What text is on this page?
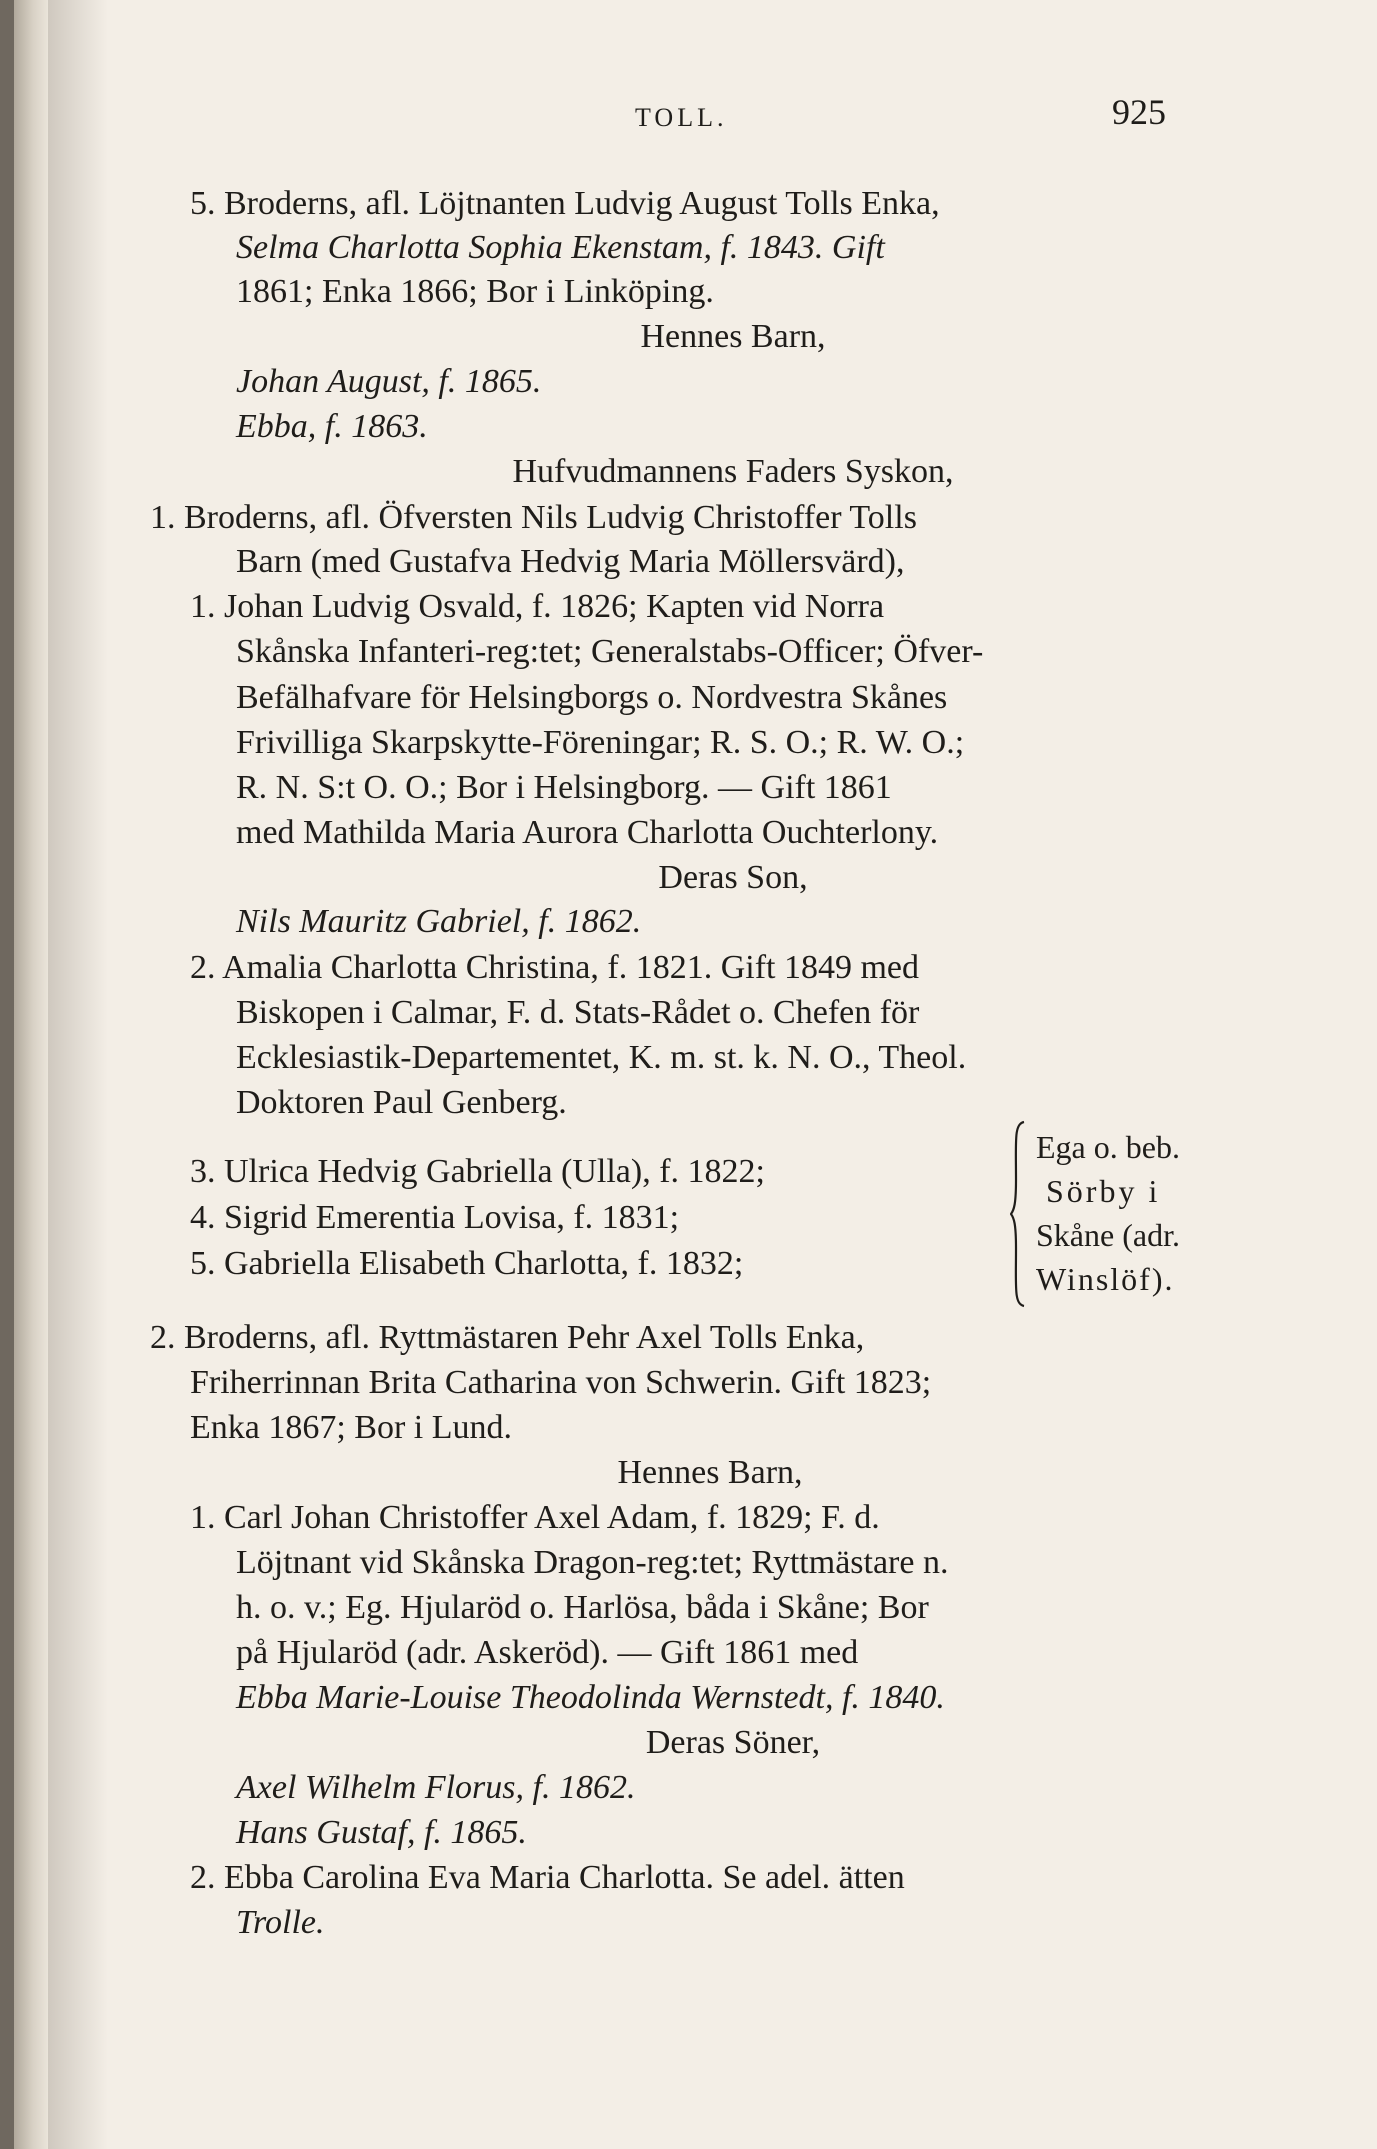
TOLL.	925
5. Broderns, afl. Löjtnanten Ludvig August Tolls Enka,
Selma Charlotta Sophia Ekenstam, f. 1843. Gift
1861; Enka 1866; Bor i Linköping.
Hennes Barn,
Johan August, f. 1865.
Ebba, f. 1863.
Hufvudmannens Faders Syskon,
1. Broderns, afl. Öfversten Nils Ludvig Christoffer Tolls
Barn (med Gustafva Hedvig Maria Möllersvärd),
1. Johan Ludvig Osvald, f. 1826; Kapten vid Norra
Skånska Infanteri-reg:tet; Generalstabs-Officer; Öfver-
Befälhafvare för Helsingborgs o. Nordvestra Skånes
Frivilliga Skarpskytte-Föreningar; R. S. O.; R. W. O.;
R. N. S:t O. O.; Bor i Helsingborg. — Gift 1861
med Mathilda Maria Aurora Charlotta Ouchterlony.
Deras Son,
Nils Mauritz Gabriel, f. 1862.
2. Amalia Charlotta Christina, f. 1821. Gift 1849 med
Biskopen i Calmar, F. d. Stats-Rådet o. Chefen för
Ecklesiastik-Departementet, K. m. st. k. N. O., Theol.
Doktoren Paul Genberg.
3. Ulrica Hedvig Gabriella (Ulla), f. 1822;
4. Sigrid Emerentia Lovisa, f. 1831;
5. Gabriella Elisabeth Charlotta, f. 1832;
Ega o. beb.
Sörby i
Skåne (adr.
Winslöf).
2. Broderns, afl. Ryttmästaren Pehr Axel Tolls Enka,
Friherrinnan Brita Catharina von Schwerin. Gift 1823;
Enka 1867; Bor i Lund.
Hennes Barn,
1. Carl Johan Christoffer Axel Adam, f. 1829; F. d.
Löjtnant vid Skånska Dragon-reg:tet; Ryttmästare n.
h. o. v.; Eg. Hjularöd o. Harlösa, båda i Skåne; Bor
på Hjularöd (adr. Askeröd). — Gift 1861 med
Ebba Marie-Louise Theodolinda Wernstedt, f. 1840.
Deras Söner,
Axel Wilhelm Florus, f. 1862.
Hans Gustaf, f. 1865.
2. Ebba Carolina Eva Maria Charlotta. Se adel. ätten
Trolle.
